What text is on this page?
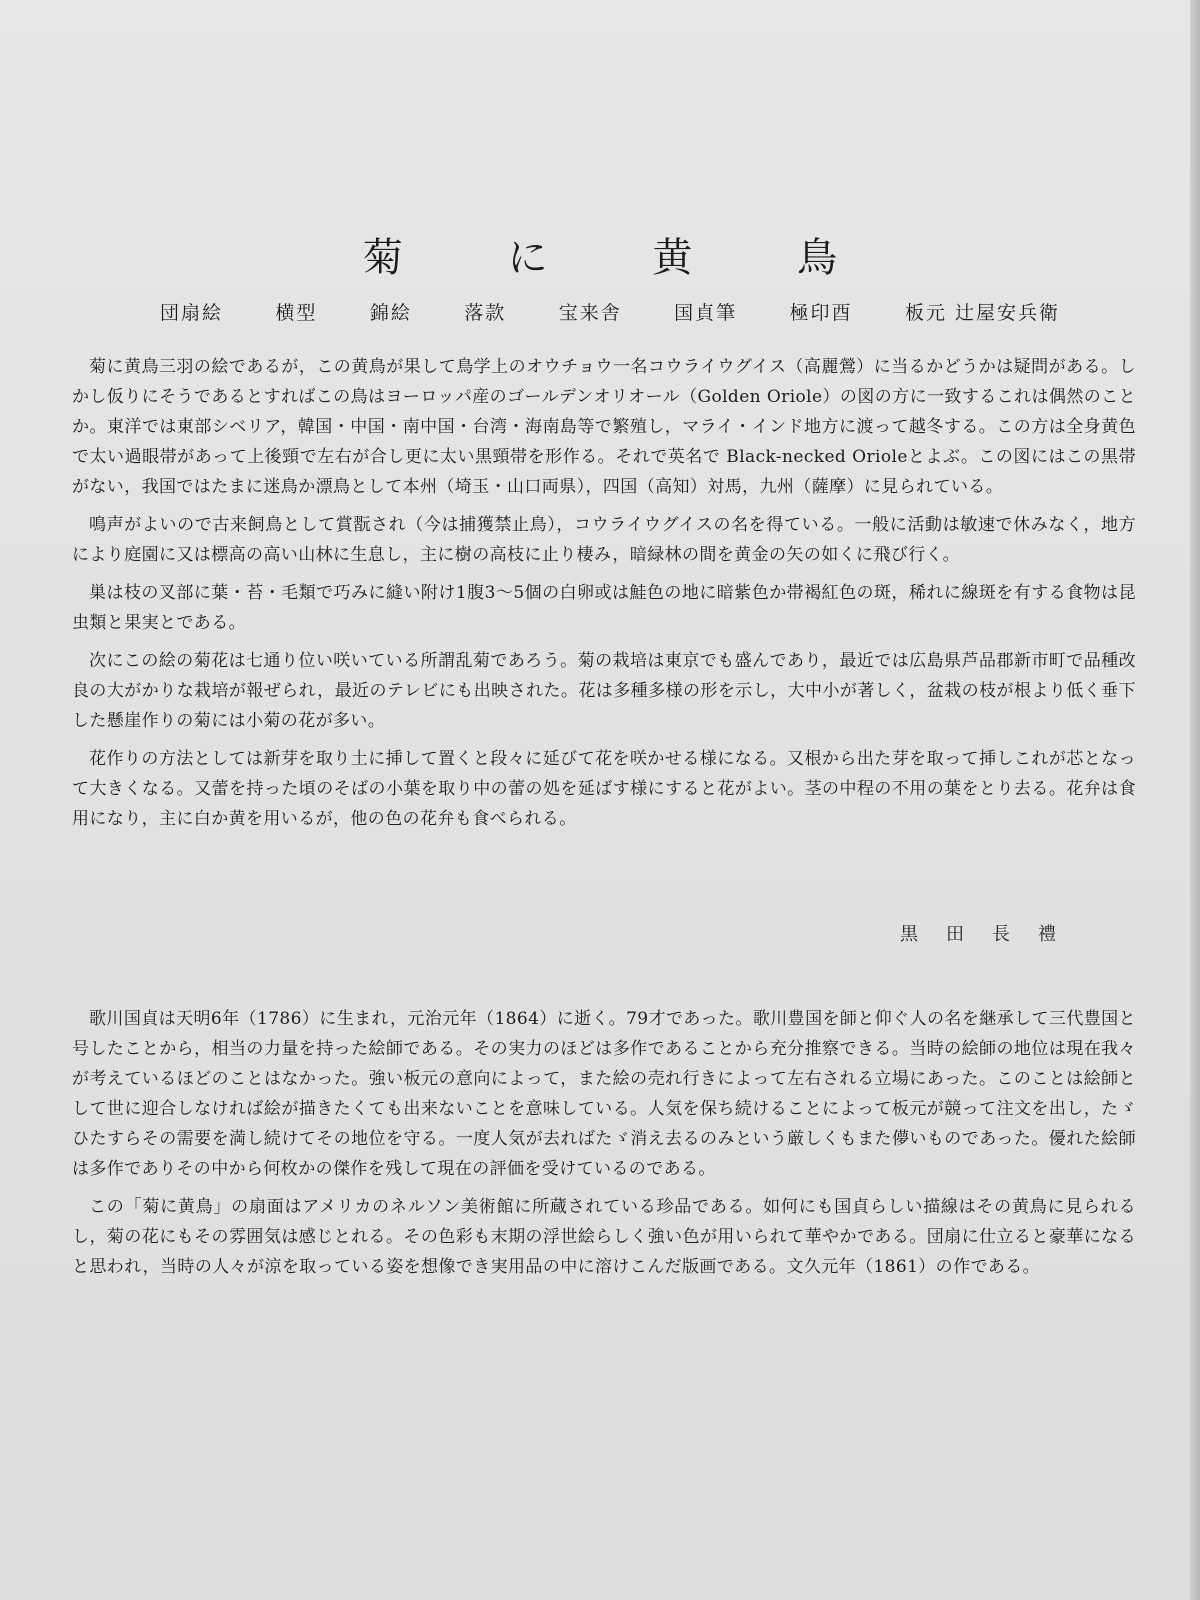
菊 に 黄 鳥
団扇絵	横型	錦絵	落款	宝来舎	国貞筆	極印酉	板元 辻屋安兵衛

菊に黄鳥三羽の絵であるが，この黄鳥が果して鳥学上のオウチョウ一名コウライウグイス（高麗鶯）に当るかどうかは疑問がある。しかし仮りにそうであるとすればこの鳥はヨーロッパ産のゴールデンオリオール（Golden Oriole）の図の方に一致するこれは偶然のことか。東洋では東部シベリア，韓国・中国・南中国・台湾・海南島等で繁殖し，マライ・インド地方に渡って越冬する。この方は全身黄色で太い過眼帯があって上後頸で左右が合し更に太い黒頸帯を形作る。それで英名で Black-necked Orioleとよぶ。この図にはこの黒帯がない，我国ではたまに迷鳥か漂鳥として本州（埼玉・山口両県），四国（高知）対馬，九州（薩摩）に見られている。

鳴声がよいので古来飼鳥として賞翫され（今は捕獲禁止鳥），コウライウグイスの名を得ている。一般に活動は敏速で休みなく，地方により庭園に又は標高の高い山林に生息し，主に樹の高枝に止り棲み，暗緑林の間を黄金の矢の如くに飛び行く。

巣は枝の叉部に葉・苔・毛類で巧みに縫い附け1腹3～5個の白卵或は鮭色の地に暗紫色か帯褐紅色の斑，稀れに線斑を有する食物は昆虫類と果実とである。

次にこの絵の菊花は七通り位い咲いている所謂乱菊であろう。菊の栽培は東京でも盛んであり，最近では広島県芦品郡新市町で品種改良の大がかりな栽培が報ぜられ，最近のテレビにも出映された。花は多種多様の形を示し，大中小が著しく，盆栽の枝が根より低く垂下した懸崖作りの菊には小菊の花が多い。

花作りの方法としては新芽を取り土に挿して置くと段々に延びて花を咲かせる様になる。又根から出た芽を取って挿しこれが芯となって大きくなる。又蕾を持った頃のそばの小葉を取り中の蕾の処を延ばす様にすると花がよい。茎の中程の不用の葉をとり去る。花弁は食用になり，主に白か黄を用いるが，他の色の花弁も食べられる。

黒田長禮

歌川国貞は天明6年（1786）に生まれ，元治元年（1864）に逝く。79才であった。歌川豊国を師と仰ぐ人の名を継承して三代豊国と号したことから，相当の力量を持った絵師である。その実力のほどは多作であることから充分推察できる。当時の絵師の地位は現在我々が考えているほどのことはなかった。強い板元の意向によって，また絵の売れ行きによって左右される立場にあった。このことは絵師として世に迎合しなければ絵が描きたくても出来ないことを意味している。人気を保ち続けることによって板元が競って注文を出し，たゞひたすらその需要を満し続けてその地位を守る。一度人気が去ればたゞ消え去るのみという厳しくもまた儚いものであった。優れた絵師は多作でありその中から何枚かの傑作を残して現在の評価を受けているのである。

この「菊に黄鳥」の扇面はアメリカのネルソン美術館に所蔵されている珍品である。如何にも国貞らしい描線はその黄鳥に見られるし，菊の花にもその雰囲気は感じとれる。その色彩も末期の浮世絵らしく強い色が用いられて華やかである。団扇に仕立ると豪華になると思われ，当時の人々が涼を取っている姿を想像でき実用品の中に溶けこんだ版画である。文久元年（1861）の作である。
